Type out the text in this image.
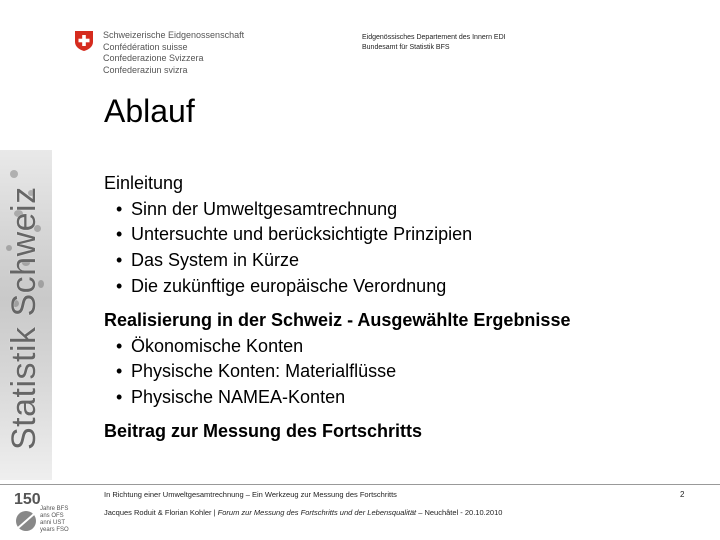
Statistik Schweiz
Schweizerische Eidgenossenschaft
Confédération suisse
Confederazione Svizzera
Confederaziun svizra
Eidgenössisches Departement des Innern EDI
Bundesamt für Statistik BFS
Ablauf
Einleitung
• Sinn der Umweltgesamtrechnung
• Untersuchte und berücksichtigte Prinzipien
• Das System in Kürze
• Die zukünftige europäische Verordnung
Realisierung in der Schweiz - Ausgewählte Ergebnisse
• Ökonomische Konten
• Physische Konten: Materialflüsse
• Physische NAMEA-Konten
Beitrag zur Messung des Fortschritts
150
Jahre BFS
ans OFS
anni UST
years FSO
In Richtung einer Umweltgesamtrechnung – Ein Werkzeug zur Messung des Fortschritts
Jacques Roduit & Florian Kohler | Forum zur Messung des Fortschritts und der Lebensqualität – Neuchâtel - 20.10.2010
2
